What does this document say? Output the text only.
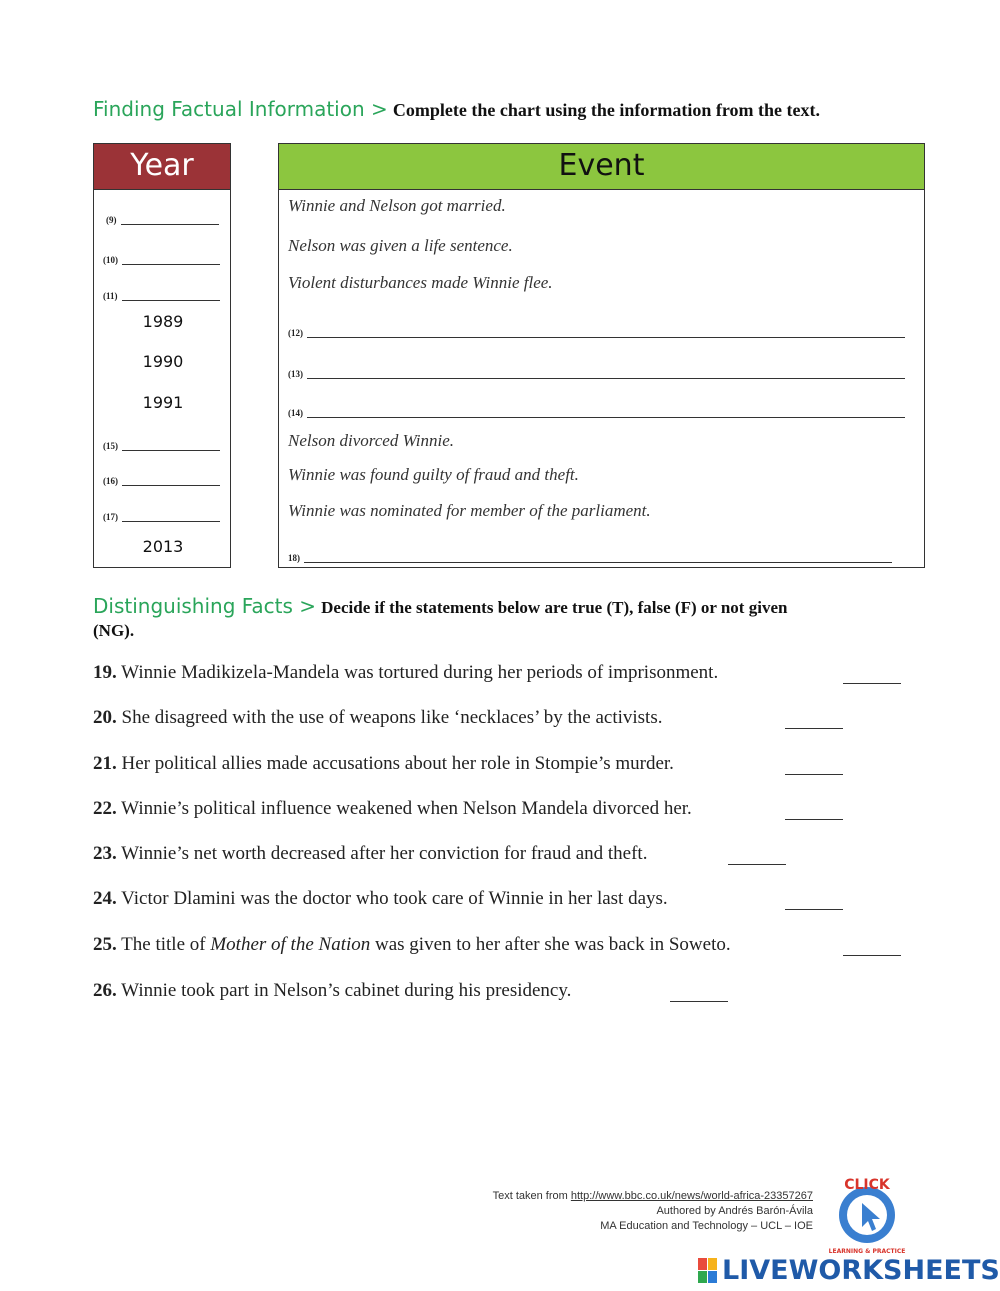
Finding Factual Information > Complete the chart using the information from the text.
Year
(9)
(10)
(11)
1989
1990
1991
(15)
(16)
(17)
2013
Event
Winnie and Nelson got married.
Nelson was given a life sentence.
Violent disturbances made Winnie flee.
(12)
(13)
(14)
Nelson divorced Winnie.
Winnie was found guilty of fraud and theft.
Winnie was nominated for member of the parliament.
18)
Distinguishing Facts > Decide if the statements below are true (T), false (F) or not given
(NG).
19. Winnie Madikizela-Mandela was tortured during her periods of imprisonment.
20. She disagreed with the use of weapons like ‘necklaces’ by the activists.
21. Her political allies made accusations about her role in Stompie’s murder.
22. Winnie’s political influence weakened when Nelson Mandela divorced her.
23. Winnie’s net worth decreased after her conviction for fraud and theft.
24. Victor Dlamini was the doctor who took care of Winnie in her last days.
25. The title of Mother of the Nation was given to her after she was back in Soweto.
26. Winnie took part in Nelson’s cabinet during his presidency.
Text taken from http://www.bbc.co.uk/news/world-africa-23357267
Authored by Andrés Barón-Ávila
MA Education and Technology – UCL – IOE
CLICK
LEARNING & PRACTICE
LIVEWORKSHEETS
